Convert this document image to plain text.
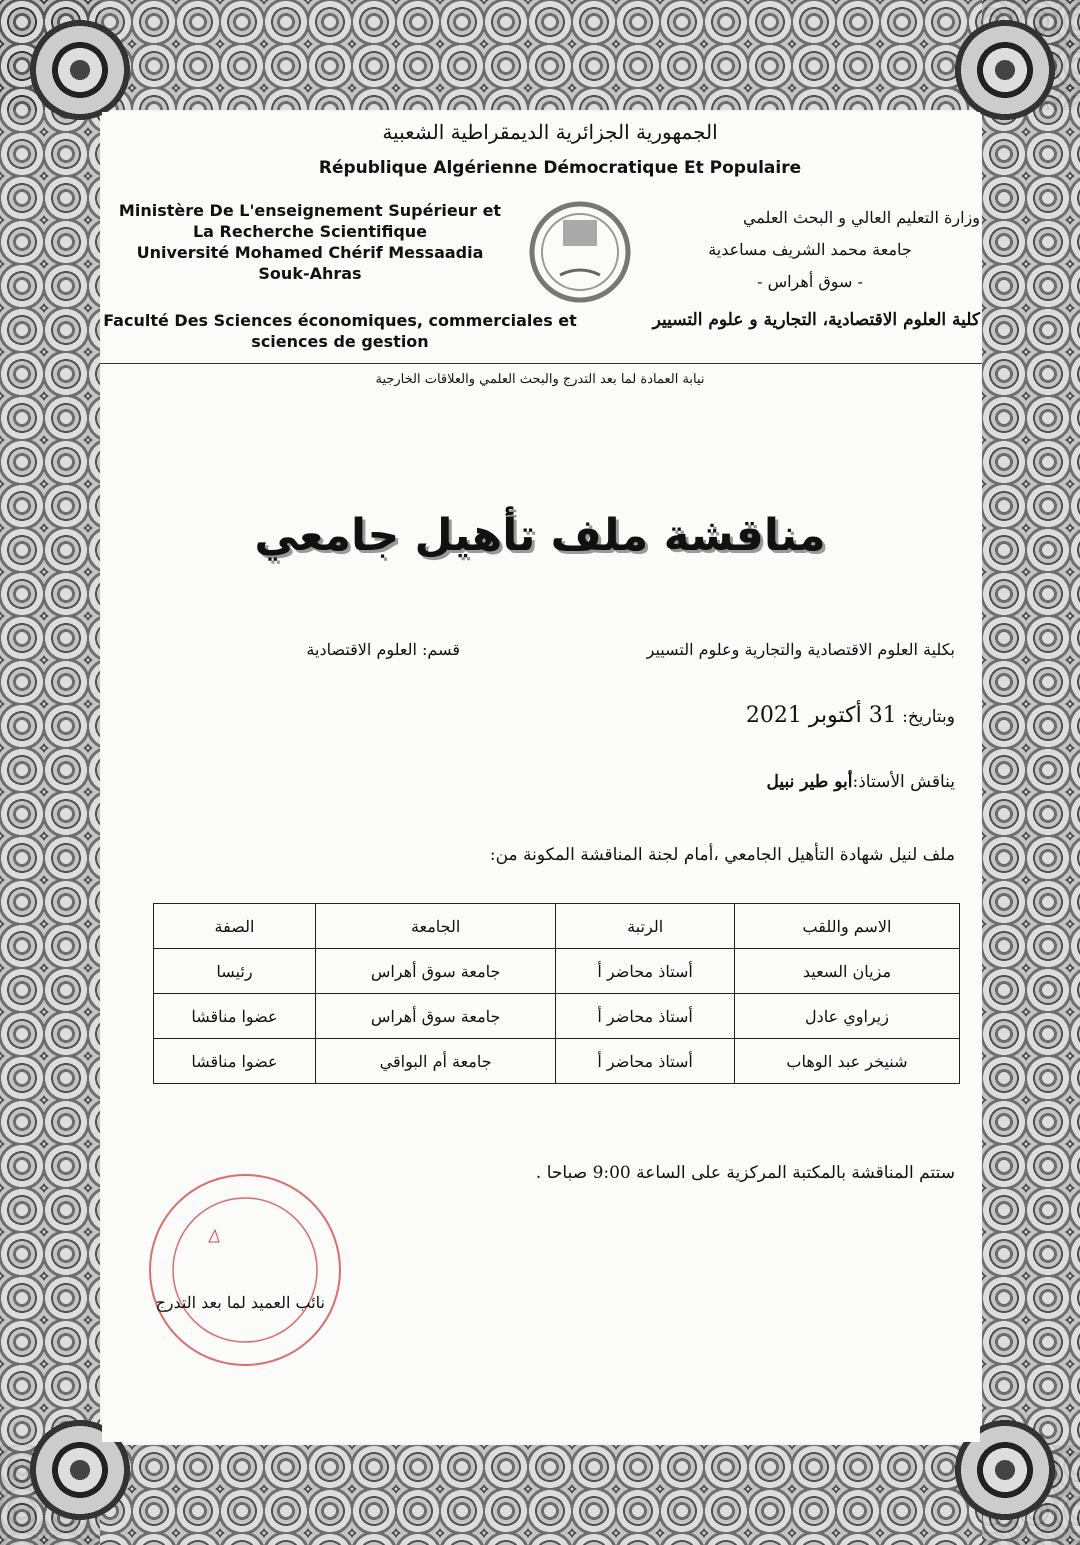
الجمهورية الجزائرية الديمقراطية الشعبية
République Algérienne Démocratique Et Populaire
Ministère De L'enseignement Supérieur et
La Recherche Scientifique
Université Mohamed Chérif Messaadia
Souk-Ahras
Faculté Des Sciences économiques, commerciales et
sciences de gestion
وزارة التعليم العالي و البحث العلمي
جامعة محمد الشريف مساعدية
- سوق أهراس -
كلية العلوم الاقتصادية، التجارية و علوم التسيير
نيابة العمادة لما بعد التدرج والبحث العلمي والعلاقات الخارجية
مناقشة ملف تأهيل جامعي
بكلية العلوم الاقتصادية والتجارية وعلوم التسيير
قسم: العلوم الاقتصادية
وبتاريخ: 31 أكتوبر 2021
يناقش الأستاذ:أبو طير نبيل
ملف لنيل شهادة التأهيل الجامعي ،أمام لجنة المناقشة المكونة من:
الاسم واللقب	الرتبة	الجامعة	الصفة
مزيان السعيد	أستاذ محاضر أ	جامعة سوق أهراس	رئيسا
زيراوي عادل	أستاذ محاضر أ	جامعة سوق أهراس	عضوا مناقشا
شنيخر عبد الوهاب	أستاذ محاضر أ	جامعة أم البواقي	عضوا مناقشا
ستتم المناقشة بالمكتبة المركزية على الساعة 9:00 صباحا .
نائب العميد لما بعد التدرج
